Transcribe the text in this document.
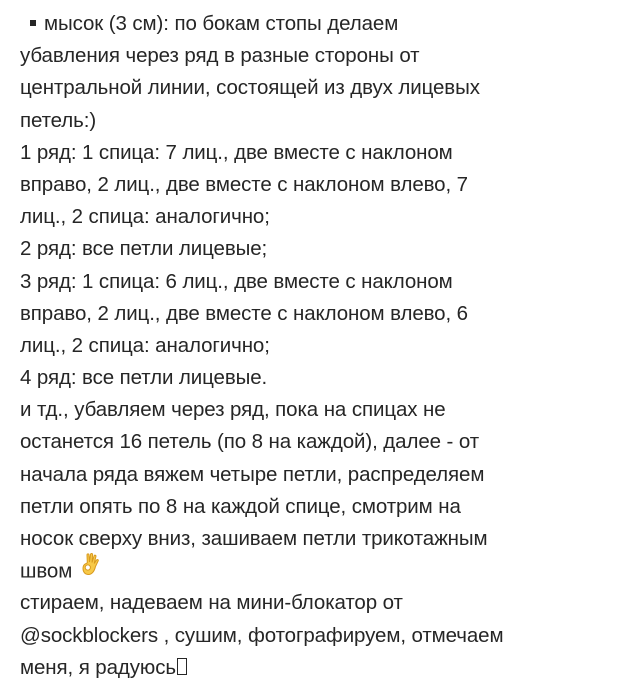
мысок (3 см): по бокам стопы делаем
убавления через ряд в разные стороны от
центральной линии, состоящей из двух лицевых
петель:)
1 ряд: 1 спица: 7 лиц., две вместе с наклоном
вправо, 2 лиц., две вместе с наклоном влево, 7
лиц., 2 спица: аналогично;
2 ряд: все петли лицевые;
3 ряд: 1 спица: 6 лиц., две вместе с наклоном
вправо, 2 лиц., две вместе с наклоном влево, 6
лиц., 2 спица: аналогично;
4 ряд: все петли лицевые.
и тд., убавляем через ряд, пока на спицах не
останется 16 петель (по 8 на каждой), далее - от
начала ряда вяжем четыре петли, распределяем
петли опять по 8 на каждой спице, смотрим на
носок сверху вниз, зашиваем петли трикотажным
швом
стираем, надеваем на мини-блокатор от
@sockblockers , сушим, фотографируем, отмечаем
меня, я радуюсь
